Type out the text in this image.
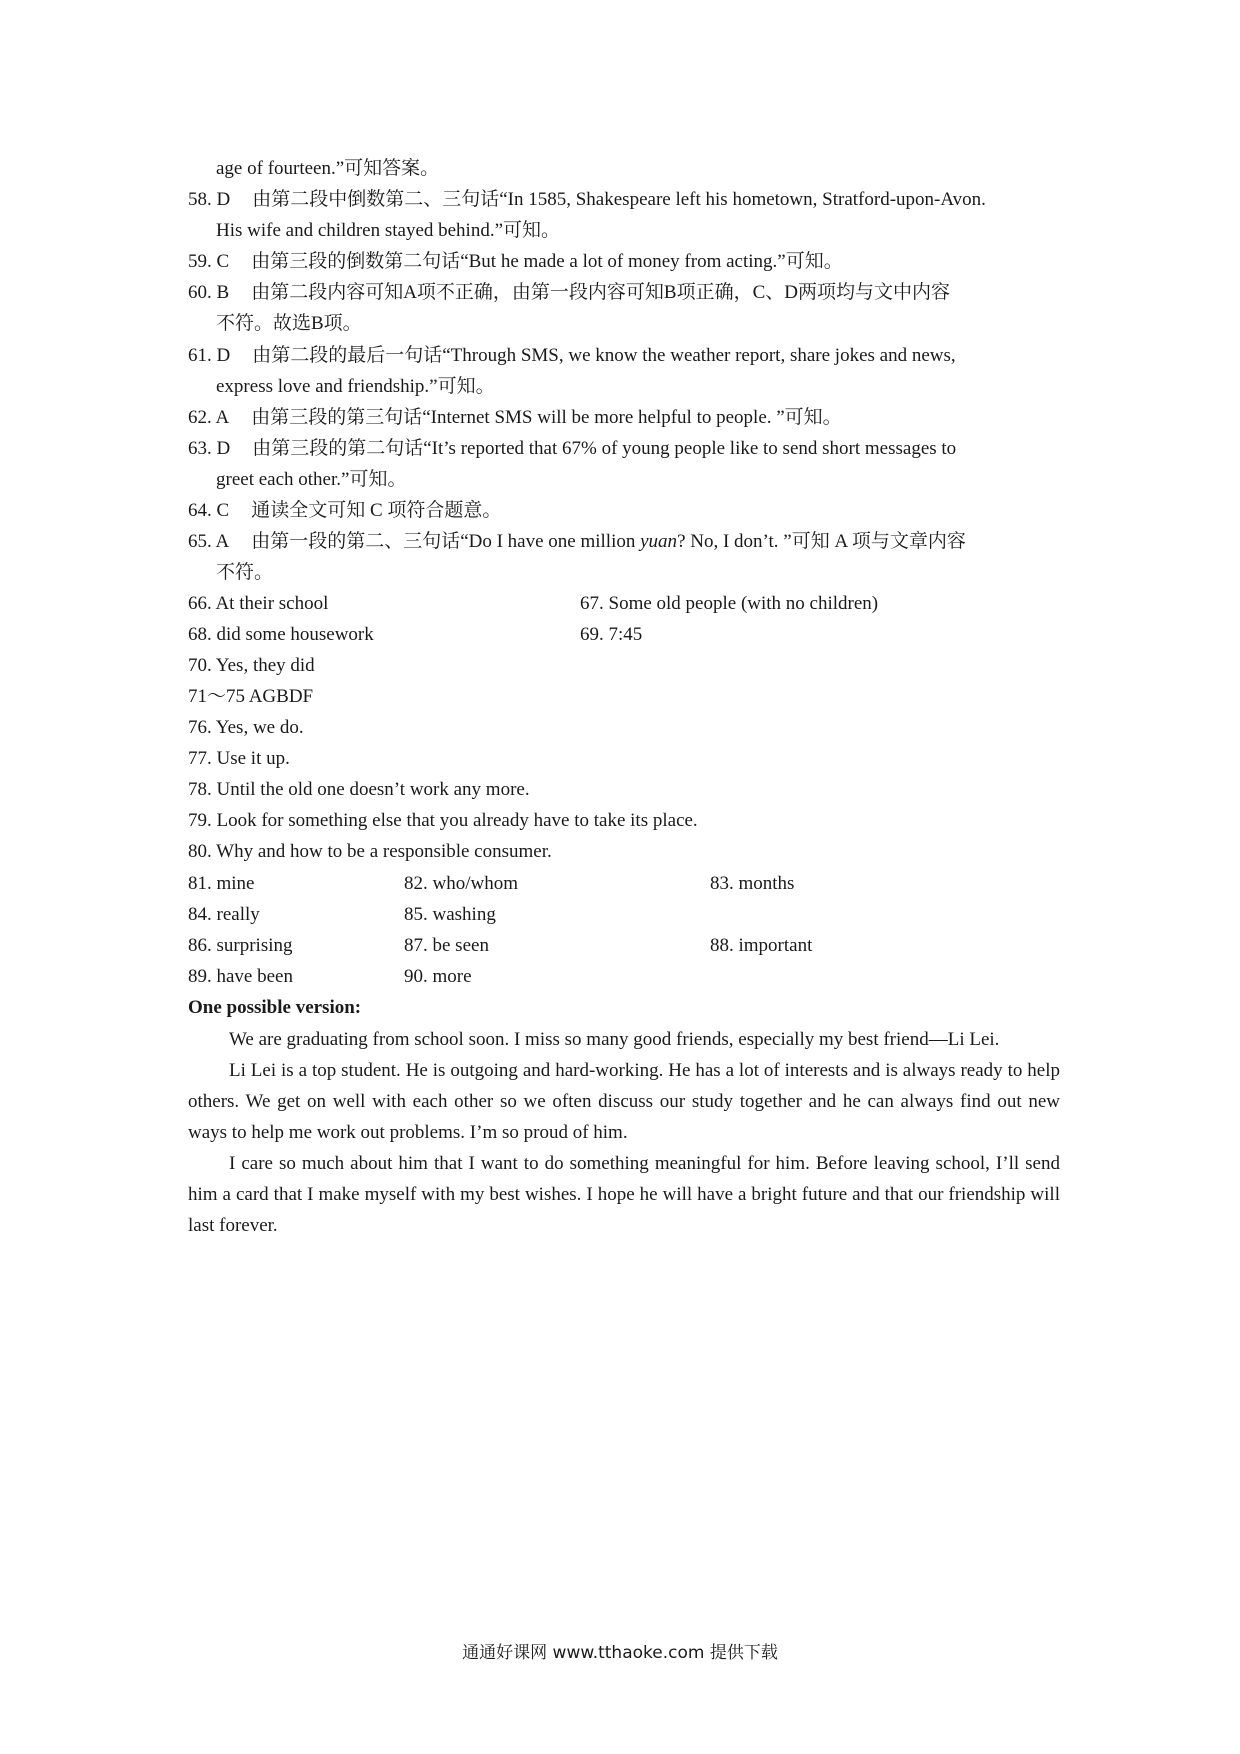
age of fourteen.”可知答案。
58. D 由第二段中倒数第二、三句话“In 1585, Shakespeare left his hometown, Stratford-upon-Avon.
His wife and children stayed behind.”可知。
59. C 由第三段的倒数第二句话“But he made a lot of money from acting.”可知。
60. B 由第二段内容可知A项不正确，由第一段内容可知B项正确，C、D两项均与文中内容
不符。故选B项。
61. D 由第二段的最后一句话“Through SMS, we know the weather report, share jokes and news,
express love and friendship.”可知。
62. A 由第三段的第三句话“Internet SMS will be more helpful to people. ”可知。
63. D 由第三段的第二句话“It’s reported that 67% of young people like to send short messages to
greet each other.”可知。
64. C 通读全文可知 C 项符合题意。
65. A 由第一段的第二、三句话“Do I have one million yuan? No, I don’t. ”可知 A 项与文章内容
不符。
66. At their school	67. Some old people (with no children)
68. did some housework	69. 7:45
70. Yes, they did
71～75 AGBDF
76. Yes, we do.
77. Use it up.
78. Until the old one doesn’t work any more.
79. Look for something else that you already have to take its place.
80. Why and how to be a responsible consumer.
81. mine	82. who/whom	83. months
84. really	85. washing
86. surprising	87. be seen	88. important
89. have been	90. more
One possible version:

We are graduating from school soon. I miss so many good friends, especially my best friend—Li Lei.

Li Lei is a top student. He is outgoing and hard-working. He has a lot of interests and is always ready to help others. We get on well with each other so we often discuss our study together and he can always find out new ways to help me work out problems. I’m so proud of him.

I care so much about him that I want to do something meaningful for him. Before leaving school, I’ll send him a card that I make myself with my best wishes. I hope he will have a bright future and that our friendship will last forever.

通通好课网 www.tthaoke.com 提供下载
